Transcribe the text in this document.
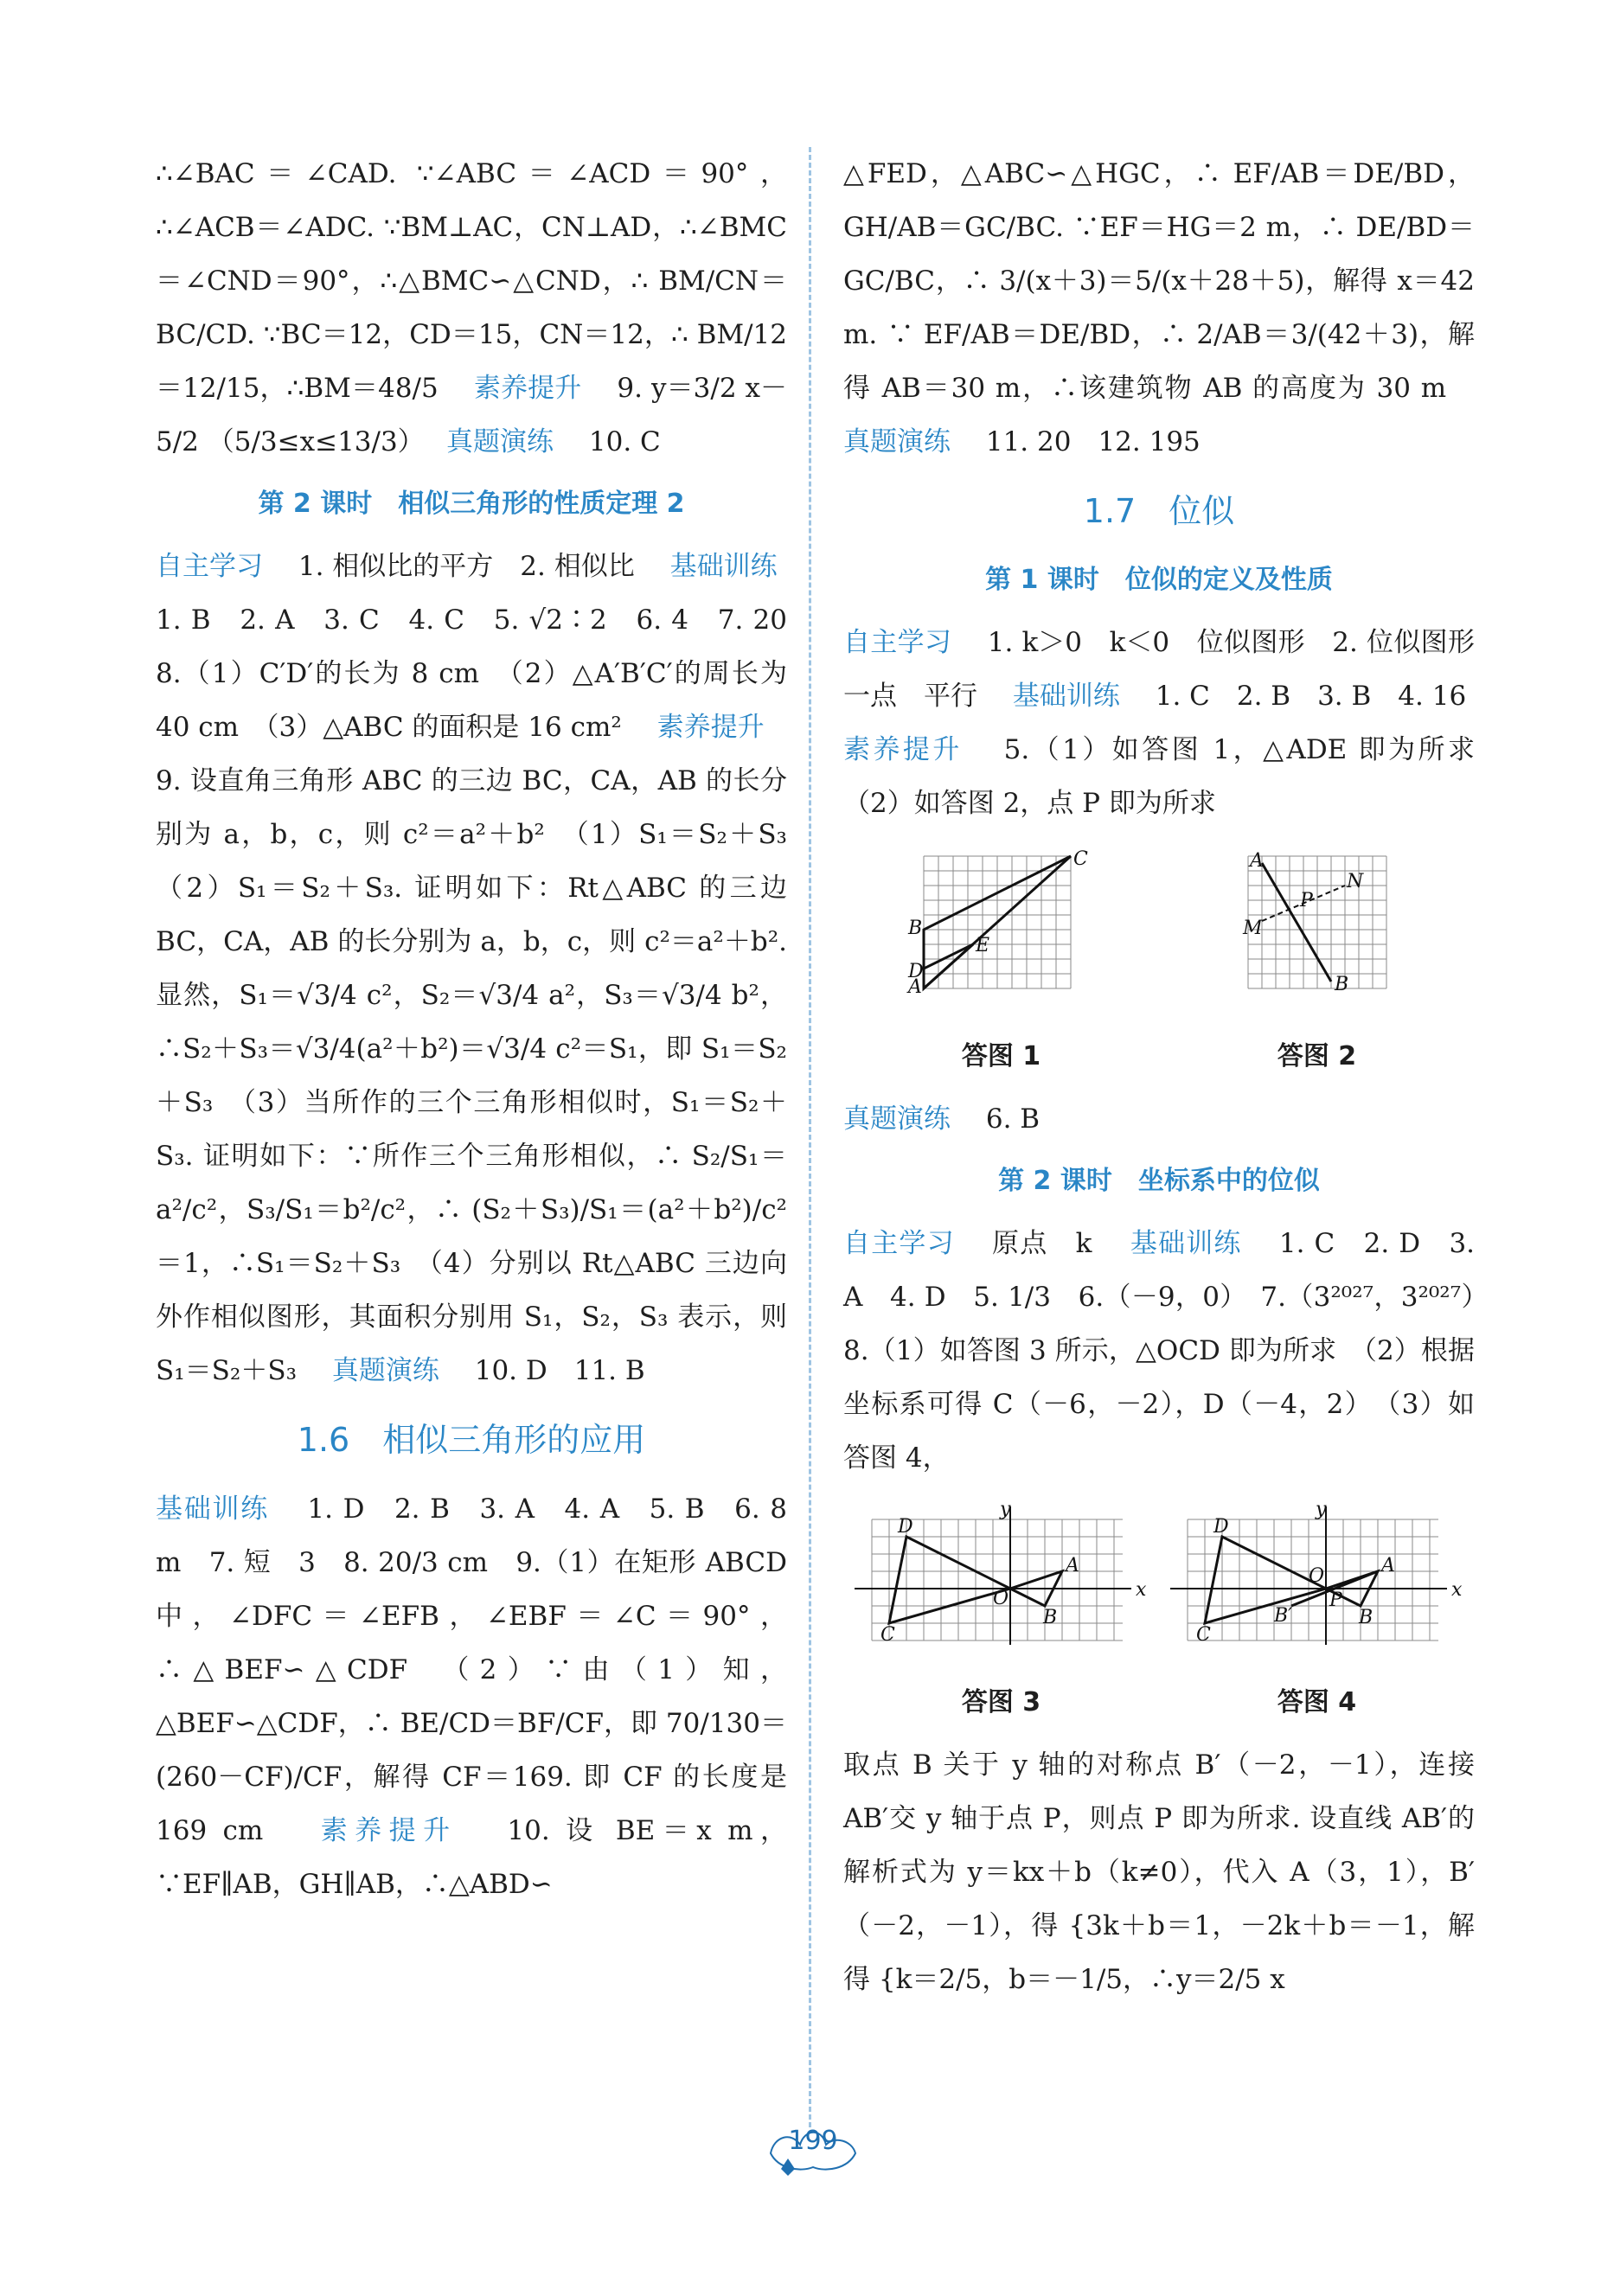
∴∠BAC＝∠CAD. ∵∠ABC＝∠ACD＝90°，∴∠ACB＝∠ADC. ∵BM⊥AC，CN⊥AD，∴∠BMC＝∠CND＝90°，∴△BMC∽△CND，∴ BM/CN＝BC/CD. ∵BC＝12，CD＝15，CN＝12，∴ BM/12＝12/15，∴BM＝48/5　 素养提升　 9. y＝3/2 x－5/2 （5/3≤x≤13/3）　 真题演练　 10. C

第 2 课时　相似三角形的性质定理 2

自主学习　 1. 相似比的平方　2. 相似比　 基础训练　 1. B　2. A　3. C　4. C　5. √2∶2　6. 4　7. 20　8.（1）C′D′的长为 8 cm　（2）△A′B′C′的周长为 40 cm　（3）△ABC 的面积是 16 cm²　 素养提升　 9. 设直角三角形 ABC 的三边 BC，CA，AB 的长分别为 a，b，c，则 c²＝a²＋b²　（1）S₁＝S₂＋S₃　（2）S₁＝S₂＋S₃. 证明如下：Rt△ABC 的三边 BC，CA，AB 的长分别为 a，b，c，则 c²＝a²＋b². 显然，S₁＝√3/4 c²，S₂＝√3/4 a²，S₃＝√3/4 b²，∴S₂＋S₃＝√3/4(a²＋b²)＝√3/4 c²＝S₁，即 S₁＝S₂＋S₃　（3）当所作的三个三角形相似时，S₁＝S₂＋S₃. 证明如下：∵所作三个三角形相似，∴ S₂/S₁＝a²/c²，S₃/S₁＝b²/c²，∴ (S₂＋S₃)/S₁＝(a²＋b²)/c²＝1，∴S₁＝S₂＋S₃　（4）分别以 Rt△ABC 三边向外作相似图形，其面积分别用 S₁，S₂，S₃ 表示，则 S₁＝S₂＋S₃　 真题演练　 10. D　11. B

1.6　相似三角形的应用

基础训练　 1. D　2. B　3. A　4. A　5. B　6. 8 m　7. 短　3　8. 20/3 cm　9.（1）在矩形 ABCD 中，∠DFC＝∠EFB，∠EBF＝∠C＝90°，∴△BEF∽△CDF　（2）∵由（1）知，△BEF∽△CDF，∴ BE/CD＝BF/CF，即 70/130＝(260－CF)/CF，解得 CF＝169. 即 CF 的长度是 169 cm　 素养提升　 10. 设 BE＝x m，∵EF∥AB，GH∥AB，∴△ABD∽

△FED，△ABC∽△HGC，∴ EF/AB＝DE/BD，GH/AB＝GC/BC. ∵EF＝HG＝2 m，∴ DE/BD＝GC/BC，∴ 3/(x＋3)＝5/(x＋28＋5)，解得 x＝42 m. ∵ EF/AB＝DE/BD，∴ 2/AB＝3/(42＋3)，解得 AB＝30 m，∴该建筑物 AB 的高度为 30 m　 真题演练　 11. 20　12. 195

1.7　位似
第 1 课时　位似的定义及性质

自主学习　 1. k＞0　k＜0　位似图形　2. 位似图形　一点　平行　 基础训练　 1. C　2. B　3. B　4. 16　 素养提升　 5.（1）如答图 1，△ADE 即为所求　（2）如答图 2，点 P 即为所求

C
B
D
A
E
答图 1
A
B
M
N
P
答图 2

真题演练　 6. B

第 2 课时　坐标系中的位似

自主学习　 原点　k　 基础训练　 1. C　2. D　3. A　4. D　5. 1/3　6.（－9，0）　7.（3²⁰²⁷，3²⁰²⁷）　8.（1）如答图 3 所示，△OCD 即为所求　（2）根据坐标系可得 C（－6，－2），D（－4，2）　（3）如答图 4，

x
y
O
D
C
A
B
答图 3
x
y
O
D
C
A
B
B′
P
答图 4

取点 B 关于 y 轴的对称点 B′（－2，－1），连接 AB′交 y 轴于点 P，则点 P 即为所求. 设直线 AB′的解析式为 y＝kx＋b（k≠0），代入 A（3，1），B′（－2，－1），得 {3k＋b＝1，－2k＋b＝－1，解得 {k＝2/5，b＝－1/5，∴y＝2/5 x

199
